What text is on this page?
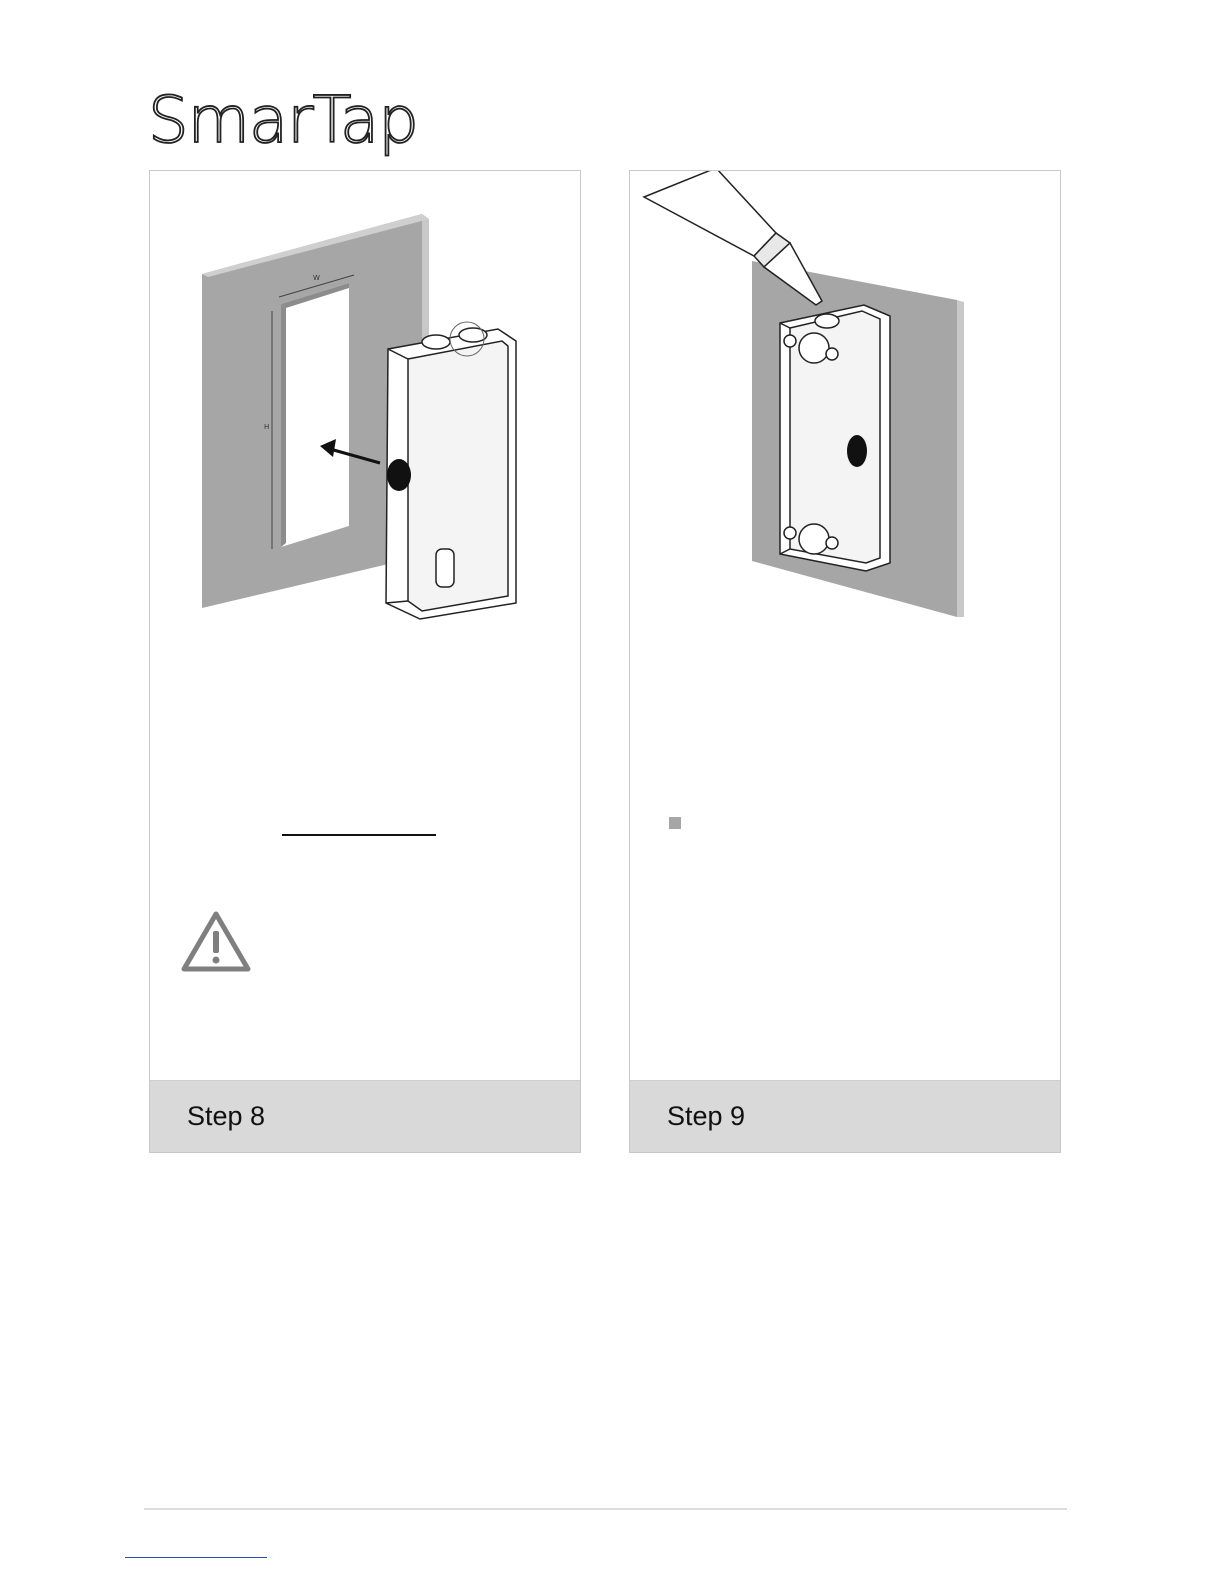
SmarTap
W
H
Step 8	Step 9
